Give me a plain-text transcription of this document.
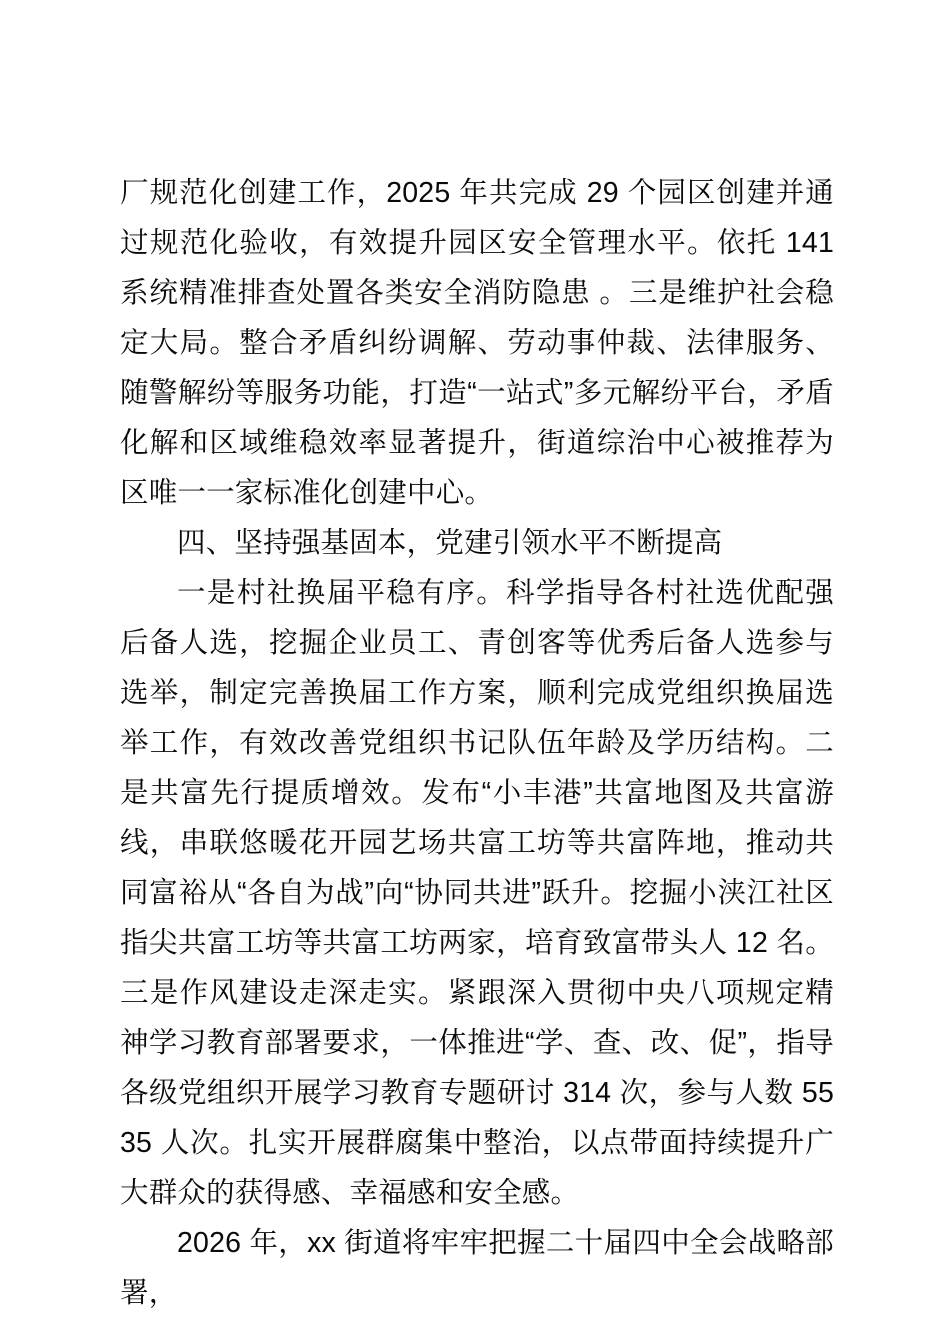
厂规范化创建工作，2025 年共完成 29 个园区创建并通过规范化验收，有效提升园区安全管理水平。依托 141 系统精准排查处置各类安全消防隐患 。三是维护社会稳定大局。整合矛盾纠纷调解、劳动事仲裁、法律服务、随警解纷等服务功能，打造“一站式”多元解纷平台，矛盾化解和区域维稳效率显著提升，街道综治中心被推荐为区唯一一家标准化创建中心。

四、坚持强基固本，党建引领水平不断提高

一是村社换届平稳有序。科学指导各村社选优配强后备人选，挖掘企业员工、青创客等优秀后备人选参与选举，制定完善换届工作方案，顺利完成党组织换届选举工作，有效改善党组织书记队伍年龄及学历结构。二是共富先行提质增效。发布“小丰港”共富地图及共富游线，串联悠暖花开园艺场共富工坊等共富阵地，推动共同富裕从“各自为战”向“协同共进”跃升。挖掘小浃江社区指尖共富工坊等共富工坊两家，培育致富带头人 12 名。三是作风建设走深走实。紧跟深入贯彻中央八项规定精神学习教育部署要求，一体推进“学、查、改、促”，指导各级党组织开展学习教育专题研讨 314 次，参与人数 5535 人次。扎实开展群腐集中整治，以点带面持续提升广大群众的获得感、幸福感和安全感。

2026 年，xx 街道将牢牢把握二十届四中全会战略部署，
